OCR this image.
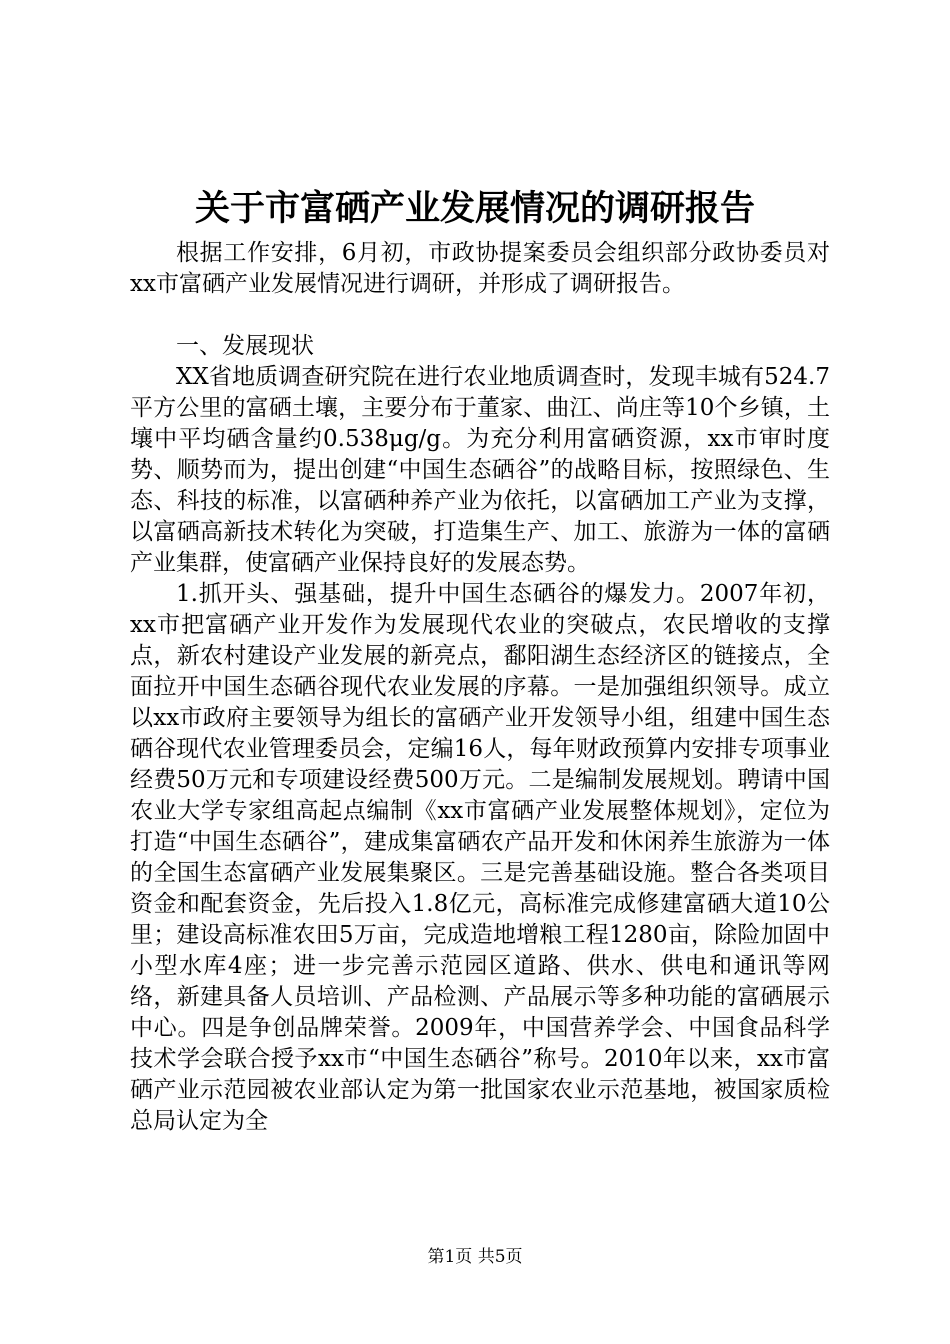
关于市富硒产业发展情况的调研报告

根据工作安排，6月初，市政协提案委员会组织部分政协委员对xx市富硒产业发展情况进行调研，并形成了调研报告。

一、发展现状

XX省地质调查研究院在进行农业地质调查时，发现丰城有524.7平方公里的富硒土壤，主要分布于董家、曲江、尚庄等10个乡镇，土壤中平均硒含量约0.538μg/g。为充分利用富硒资源，xx市审时度势、顺势而为，提出创建“中国生态硒谷”的战略目标，按照绿色、生态、科技的标准，以富硒种养产业为依托，以富硒加工产业为支撑，以富硒高新技术转化为突破，打造集生产、加工、旅游为一体的富硒产业集群，使富硒产业保持良好的发展态势。

1.抓开头、强基础，提升中国生态硒谷的爆发力。2007年初，xx市把富硒产业开发作为发展现代农业的突破点，农民增收的支撑点，新农村建设产业发展的新亮点，鄱阳湖生态经济区的链接点，全面拉开中国生态硒谷现代农业发展的序幕。一是加强组织领导。成立以xx市政府主要领导为组长的富硒产业开发领导小组，组建中国生态硒谷现代农业管理委员会，定编16人，每年财政预算内安排专项事业经费50万元和专项建设经费500万元。二是编制发展规划。聘请中国农业大学专家组高起点编制《xx市富硒产业发展整体规划》，定位为打造“中国生态硒谷”，建成集富硒农产品开发和休闲养生旅游为一体的全国生态富硒产业发展集聚区。三是完善基础设施。整合各类项目资金和配套资金，先后投入1.8亿元，高标准完成修建富硒大道10公里；建设高标准农田5万亩，完成造地增粮工程1280亩，除险加固中小型水库4座；进一步完善示范园区道路、供水、供电和通讯等网络，新建具备人员培训、产品检测、产品展示等多种功能的富硒展示中心。四是争创品牌荣誉。2009年，中国营养学会、中国食品科学技术学会联合授予xx市“中国生态硒谷”称号。2010年以来，xx市富硒产业示范园被农业部认定为第一批国家农业示范基地，被国家质检总局认定为全

第1页 共5页
